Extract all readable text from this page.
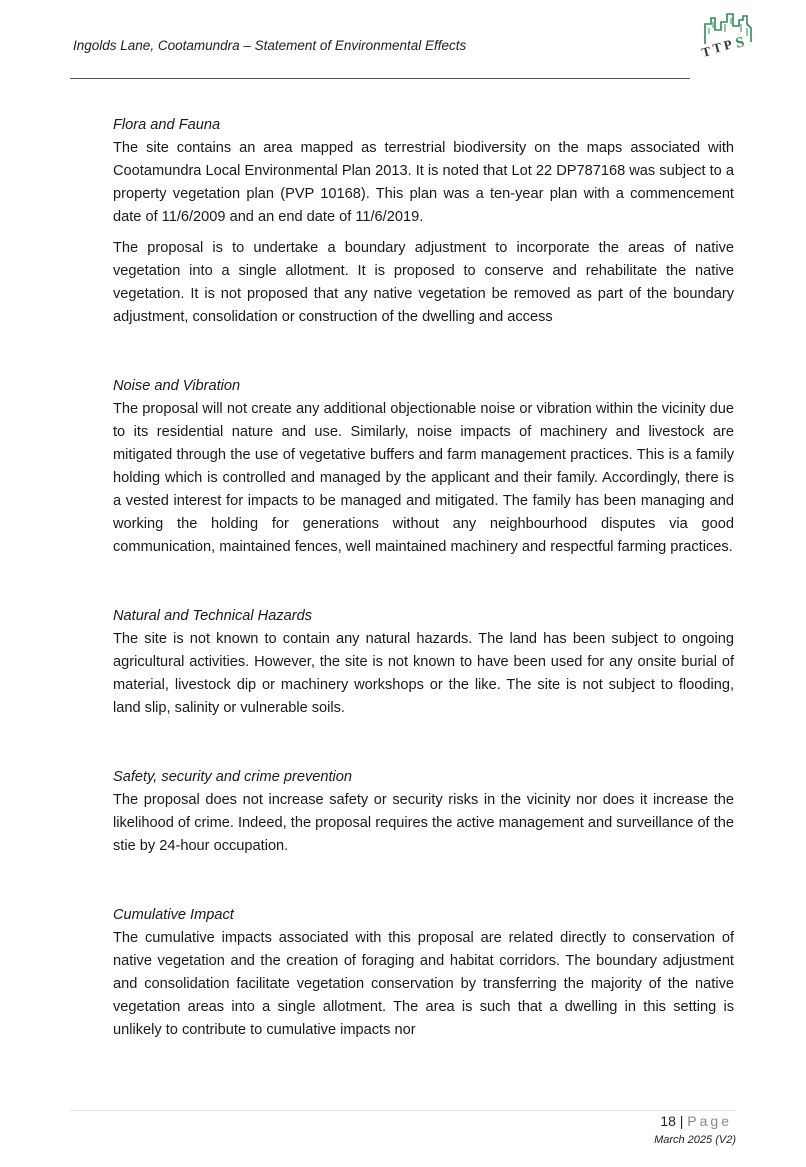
Ingolds Lane, Cootamundra – Statement of Environmental Effects	T
T
P S

Flora and Fauna

The site contains an area mapped as terrestrial biodiversity on the maps associated with Cootamundra Local Environmental Plan 2013. It is noted that Lot 22 DP787168 was subject to a property vegetation plan (PVP 10168). This plan was a ten-year plan with a commencement date of 11/6/2009 and an end date of 11/6/2019.

The proposal is to undertake a boundary adjustment to incorporate the areas of native vegetation into a single allotment. It is proposed to conserve and rehabilitate the native vegetation. It is not proposed that any native vegetation be removed as part of the boundary adjustment, consolidation or construction of the dwelling and access

Noise and Vibration

The proposal will not create any additional objectionable noise or vibration within the vicinity due to its residential nature and use. Similarly, noise impacts of machinery and livestock are mitigated through the use of vegetative buffers and farm management practices. This is a family holding which is controlled and managed by the applicant and their family. Accordingly, there is a vested interest for impacts to be managed and mitigated. The family has been managing and working the holding for generations without any neighbourhood disputes via good communication, maintained fences, well maintained machinery and respectful farming practices.

Natural and Technical Hazards

The site is not known to contain any natural hazards. The land has been subject to ongoing agricultural activities. However, the site is not known to have been used for any onsite burial of material, livestock dip or machinery workshops or the like. The site is not subject to flooding, land slip, salinity or vulnerable soils.

Safety, security and crime prevention

The proposal does not increase safety or security risks in the vicinity nor does it increase the likelihood of crime. Indeed, the proposal requires the active management and surveillance of the stie by 24-hour occupation.

Cumulative Impact

The cumulative impacts associated with this proposal are related directly to conservation of native vegetation and the creation of foraging and habitat corridors. The boundary adjustment and consolidation facilitate vegetation conservation by transferring the majority of the native vegetation areas into a single allotment. The area is such that a dwelling in this setting is unlikely to contribute to cumulative impacts nor

18 | Page
March 2025 (V2)
